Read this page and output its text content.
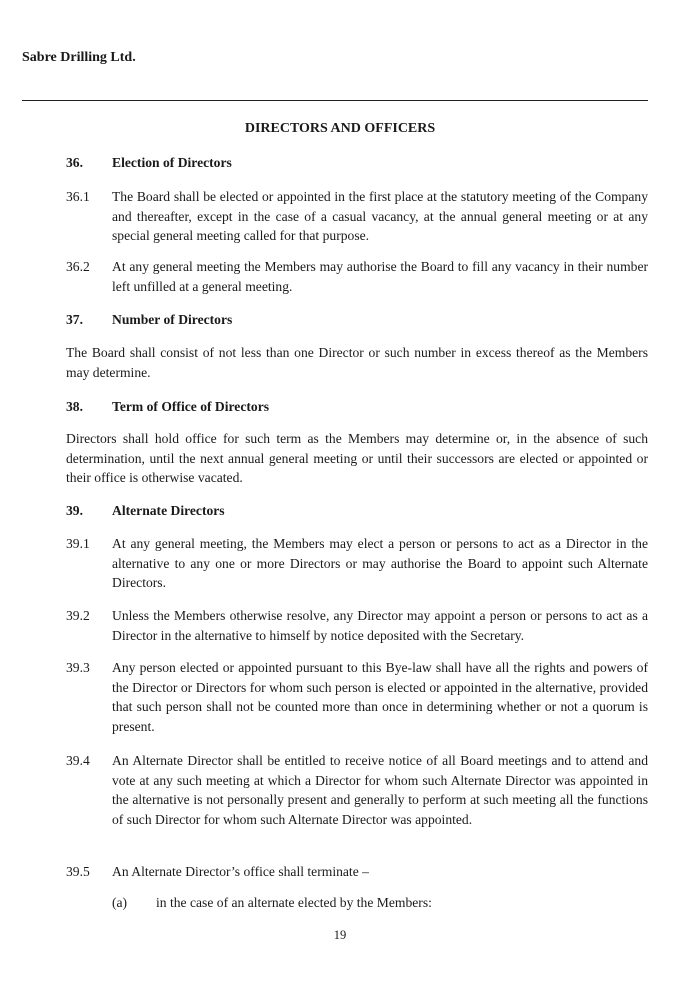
Sabre Drilling Ltd.
DIRECTORS AND OFFICERS
36. Election of Directors
36.1 The Board shall be elected or appointed in the first place at the statutory meeting of the Company and thereafter, except in the case of a casual vacancy, at the annual general meeting or at any special general meeting called for that purpose.
36.2 At any general meeting the Members may authorise the Board to fill any vacancy in their number left unfilled at a general meeting.
37. Number of Directors
The Board shall consist of not less than one Director or such number in excess thereof as the Members may determine.
38. Term of Office of Directors
Directors shall hold office for such term as the Members may determine or, in the absence of such determination, until the next annual general meeting or until their successors are elected or appointed or their office is otherwise vacated.
39. Alternate Directors
39.1 At any general meeting, the Members may elect a person or persons to act as a Director in the alternative to any one or more Directors or may authorise the Board to appoint such Alternate Directors.
39.2 Unless the Members otherwise resolve, any Director may appoint a person or persons to act as a Director in the alternative to himself by notice deposited with the Secretary.
39.3 Any person elected or appointed pursuant to this Bye-law shall have all the rights and powers of the Director or Directors for whom such person is elected or appointed in the alternative, provided that such person shall not be counted more than once in determining whether or not a quorum is present.
39.4 An Alternate Director shall be entitled to receive notice of all Board meetings and to attend and vote at any such meeting at which a Director for whom such Alternate Director was appointed in the alternative is not personally present and generally to perform at such meeting all the functions of such Director for whom such Alternate Director was appointed.
39.5 An Alternate Director’s office shall terminate –
(a) in the case of an alternate elected by the Members:
19
